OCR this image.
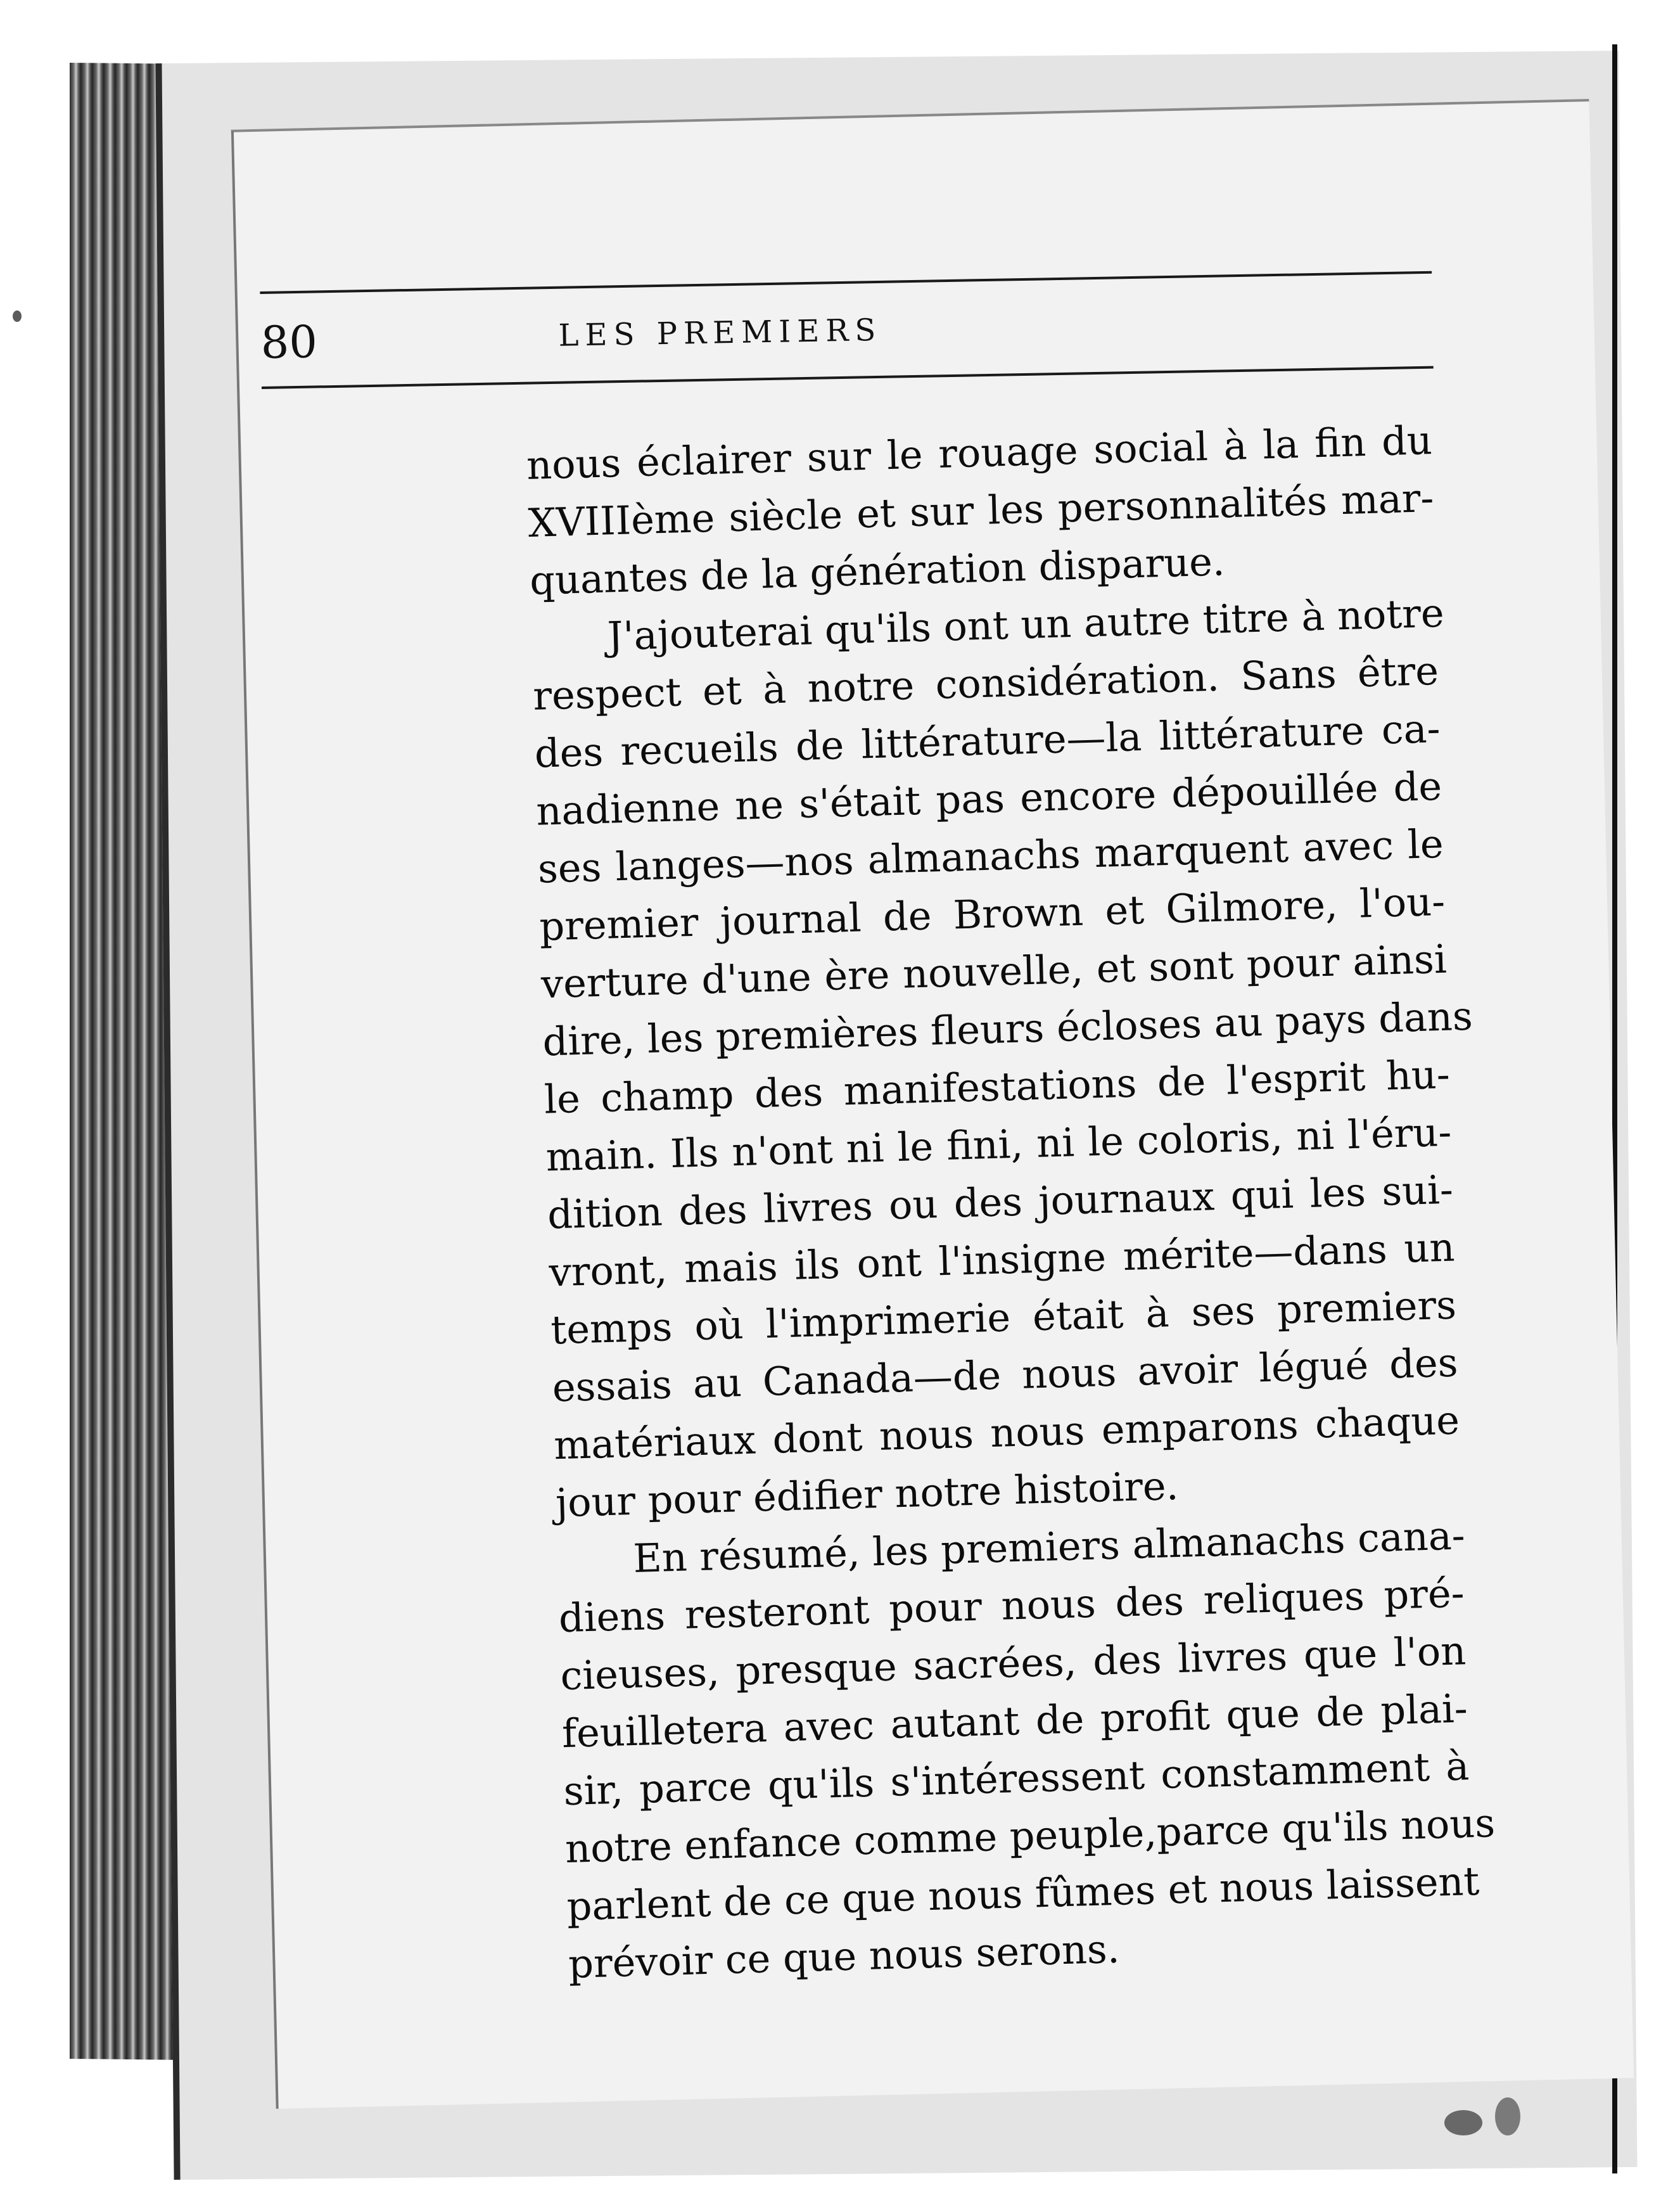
80	LES PREMIERS
nous éclairer sur le rouage social à la fin du
XVIIIème siècle et sur les personnalités mar-
quantes de la génération disparue.
J'ajouterai qu'ils ont un autre titre à notre
respect et à notre considération. Sans être
des recueils de littérature—la littérature ca-
nadienne ne s'était pas encore dépouillée de
ses langes—nos almanachs marquent avec le
premier journal de Brown et Gilmore, l'ou-
verture d'une ère nouvelle, et sont pour ainsi
dire, les premières fleurs écloses au pays dans
le champ des manifestations de l'esprit hu-
main. Ils n'ont ni le fini, ni le coloris, ni l'éru-
dition des livres ou des journaux qui les sui-
vront, mais ils ont l'insigne mérite—dans un
temps où l'imprimerie était à ses premiers
essais au Canada—de nous avoir légué des
matériaux dont nous nous emparons chaque
jour pour édifier notre histoire.
En résumé, les premiers almanachs cana-
diens resteront pour nous des reliques pré-
cieuses, presque sacrées, des livres que l'on
feuilletera avec autant de profit que de plai-
sir, parce qu'ils s'intéressent constamment à
notre enfance comme peuple,parce qu'ils nous
parlent de ce que nous fûmes et nous laissent
prévoir ce que nous serons.
